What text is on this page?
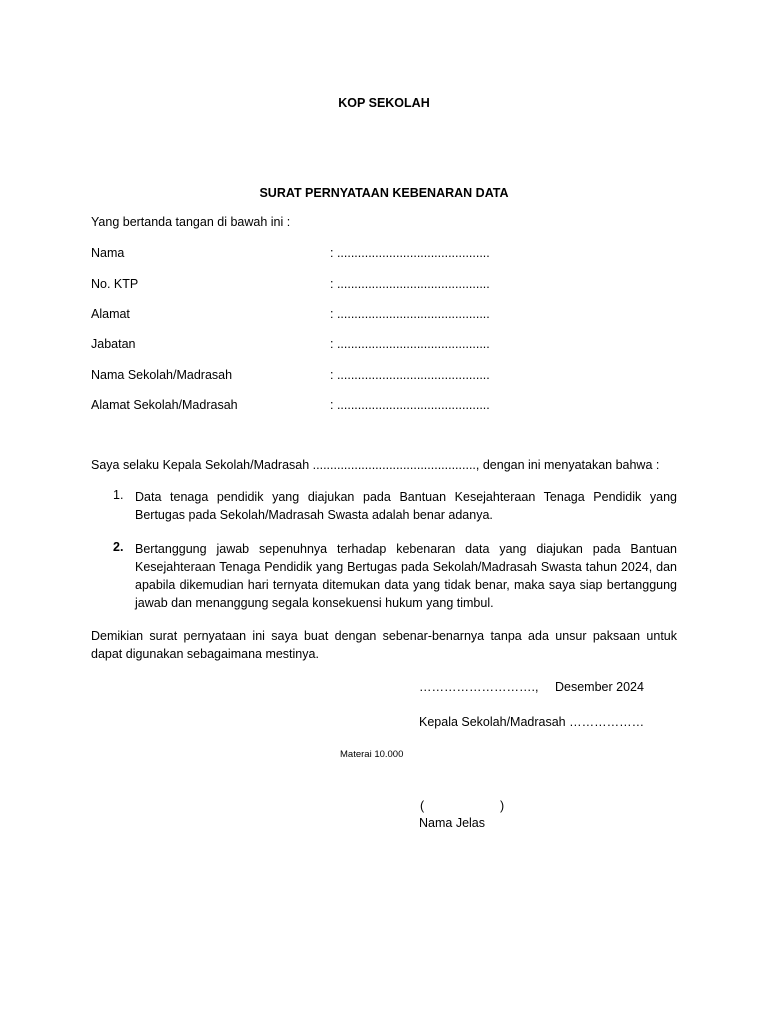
KOP SEKOLAH
SURAT PERNYATAAN KEBENARAN DATA
Yang bertanda tangan di bawah ini :
Nama	: ............................................
No. KTP	: ............................................
Alamat	: ............................................
Jabatan	: ............................................
Nama Sekolah/Madrasah	: ............................................
Alamat Sekolah/Madrasah	: ............................................
Saya selaku Kepala Sekolah/Madrasah ..............................................., dengan ini menyatakan bahwa :
1. Data tenaga pendidik yang diajukan pada Bantuan Kesejahteraan Tenaga Pendidik yang Bertugas pada Sekolah/Madrasah Swasta adalah benar adanya.
2. Bertanggung jawab sepenuhnya terhadap kebenaran data yang diajukan pada Bantuan Kesejahteraan Tenaga Pendidik yang Bertugas pada Sekolah/Madrasah Swasta tahun 2024, dan apabila dikemudian hari ternyata ditemukan data yang tidak benar, maka saya siap bertanggung jawab dan menanggung segala konsekuensi hukum yang timbul.
Demikian surat pernyataan ini saya buat dengan sebenar-benarnya tanpa ada unsur paksaan untuk dapat digunakan sebagaimana mestinya.
………………………., Desember 2024
Kepala Sekolah/Madrasah ………………
Materai 10.000
(	)
Nama Jelas
